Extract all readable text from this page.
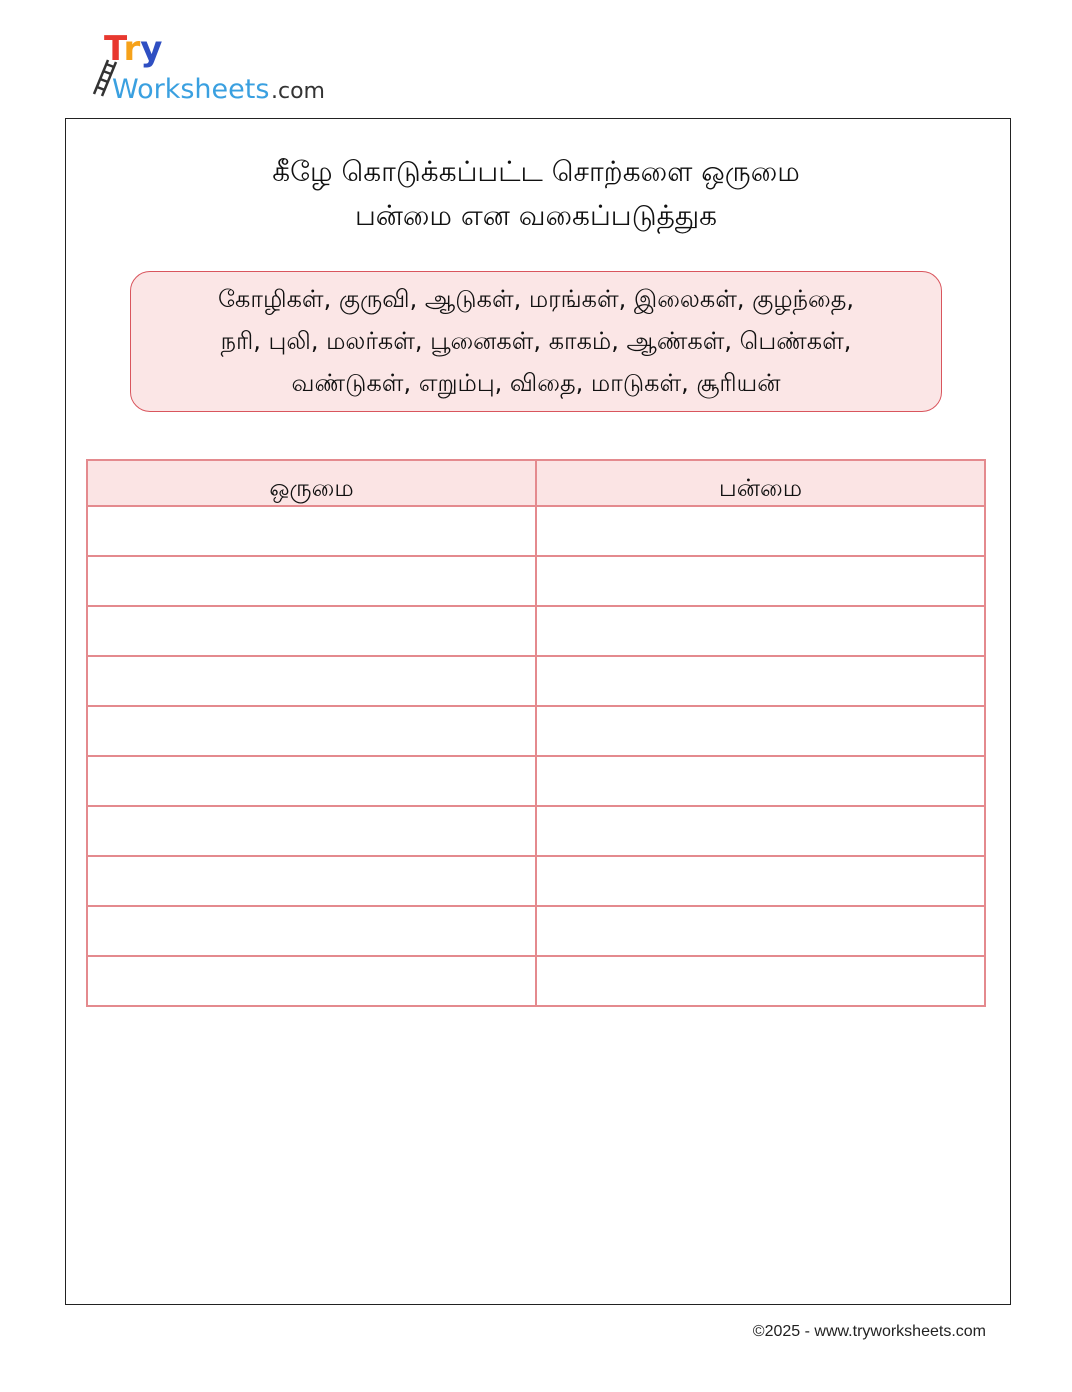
Try
Worksheets .com
கீழே கொடுக்கப்பட்ட சொற்களை ஒருமை
பன்மை என வகைப்படுத்துக
கோழிகள், குருவி, ஆடுகள், மரங்கள், இலைகள், குழந்தை,
நரி, புலி, மலர்கள், பூனைகள், காகம், ஆண்கள், பெண்கள்,
வண்டுகள், எறும்பு, விதை, மாடுகள், சூரியன்
ஒருமை	பன்மை

©2025 - www.tryworksheets.com
